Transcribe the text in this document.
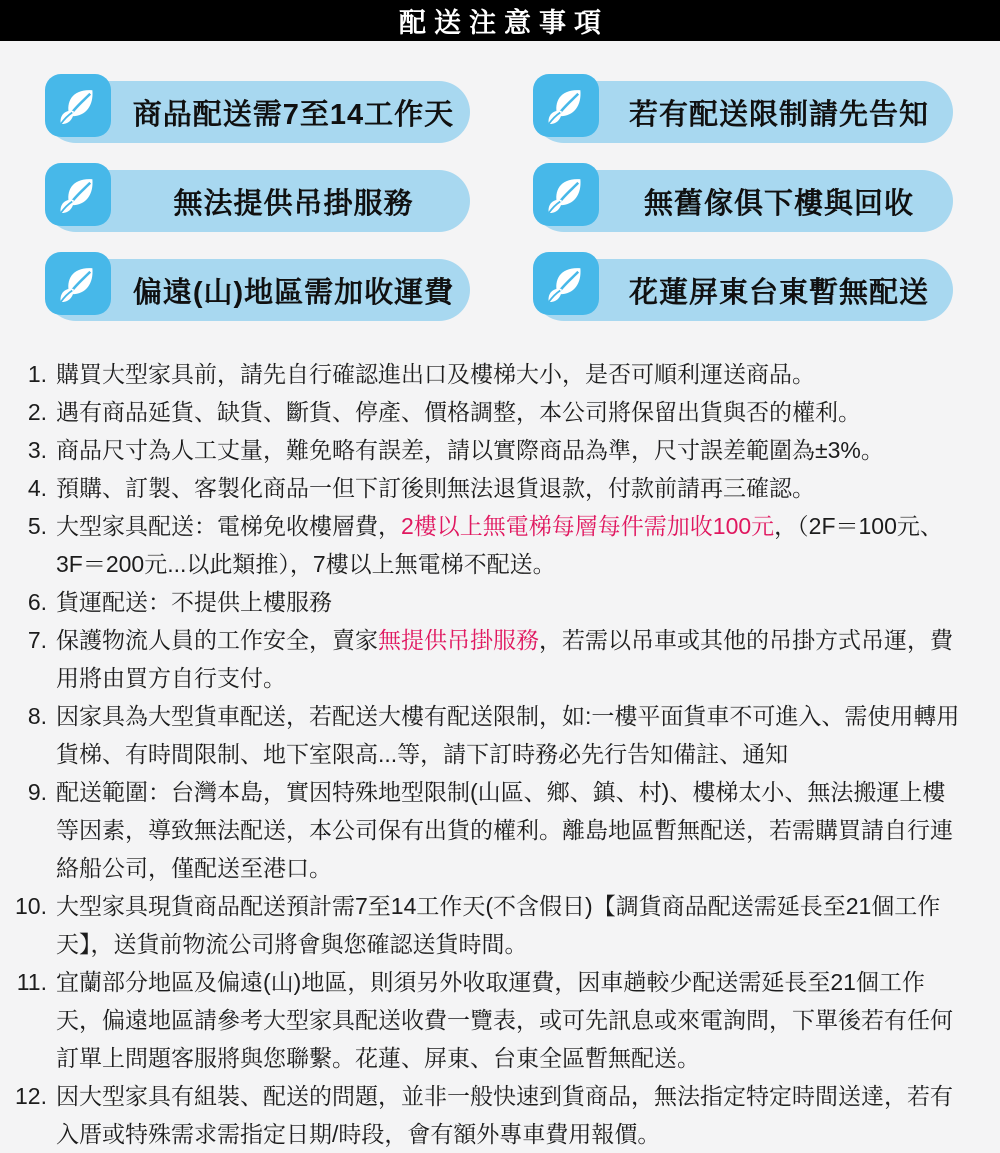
配送注意事項
商品配送需7至14工作天	若有配送限制請先告知
無法提供吊掛服務	無舊傢俱下樓與回收
偏遠(山)地區需加收運費	花蓮屏東台東暫無配送
1. 購買大型家具前，請先自行確認進出口及樓梯大小，是否可順利運送商品。
2. 遇有商品延貨、缺貨、斷貨、停產、價格調整，本公司將保留出貨與否的權利。
3. 商品尺寸為人工丈量，難免略有誤差，請以實際商品為準，尺寸誤差範圍為±3%。
4. 預購、訂製、客製化商品一但下訂後則無法退貨退款，付款前請再三確認。
5. 大型家具配送：電梯免收樓層費，2樓以上無電梯每層每件需加收100元，（2F＝100元、3F＝200元...以此類推），7樓以上無電梯不配送。
6. 貨運配送：不提供上樓服務
7. 保護物流人員的工作安全，賣家無提供吊掛服務，若需以吊車或其他的吊掛方式吊運，費用將由買方自行支付。
8. 因家具為大型貨車配送，若配送大樓有配送限制，如:一樓平面貨車不可進入、需使用轉用貨梯、有時間限制、地下室限高...等，請下訂時務必先行告知備註、通知
9. 配送範圍：台灣本島，實因特殊地型限制(山區、鄉、鎮、村)、樓梯太小、無法搬運上樓等因素，導致無法配送，本公司保有出貨的權利。離島地區暫無配送，若需購買請自行連絡船公司，僅配送至港口。
10. 大型家具現貨商品配送預計需7至14工作天(不含假日)【調貨商品配送需延長至21個工作天】，送貨前物流公司將會與您確認送貨時間。
11. 宜蘭部分地區及偏遠(山)地區，則須另外收取運費，因車趟較少配送需延長至21個工作天，偏遠地區請參考大型家具配送收費一覽表，或可先訊息或來電詢問，下單後若有任何訂單上問題客服將與您聯繫。花蓮、屏東、台東全區暫無配送。
12. 因大型家具有組裝、配送的問題，並非一般快速到貨商品，無法指定特定時間送達，若有入厝或特殊需求需指定日期/時段，會有額外專車費用報價。
